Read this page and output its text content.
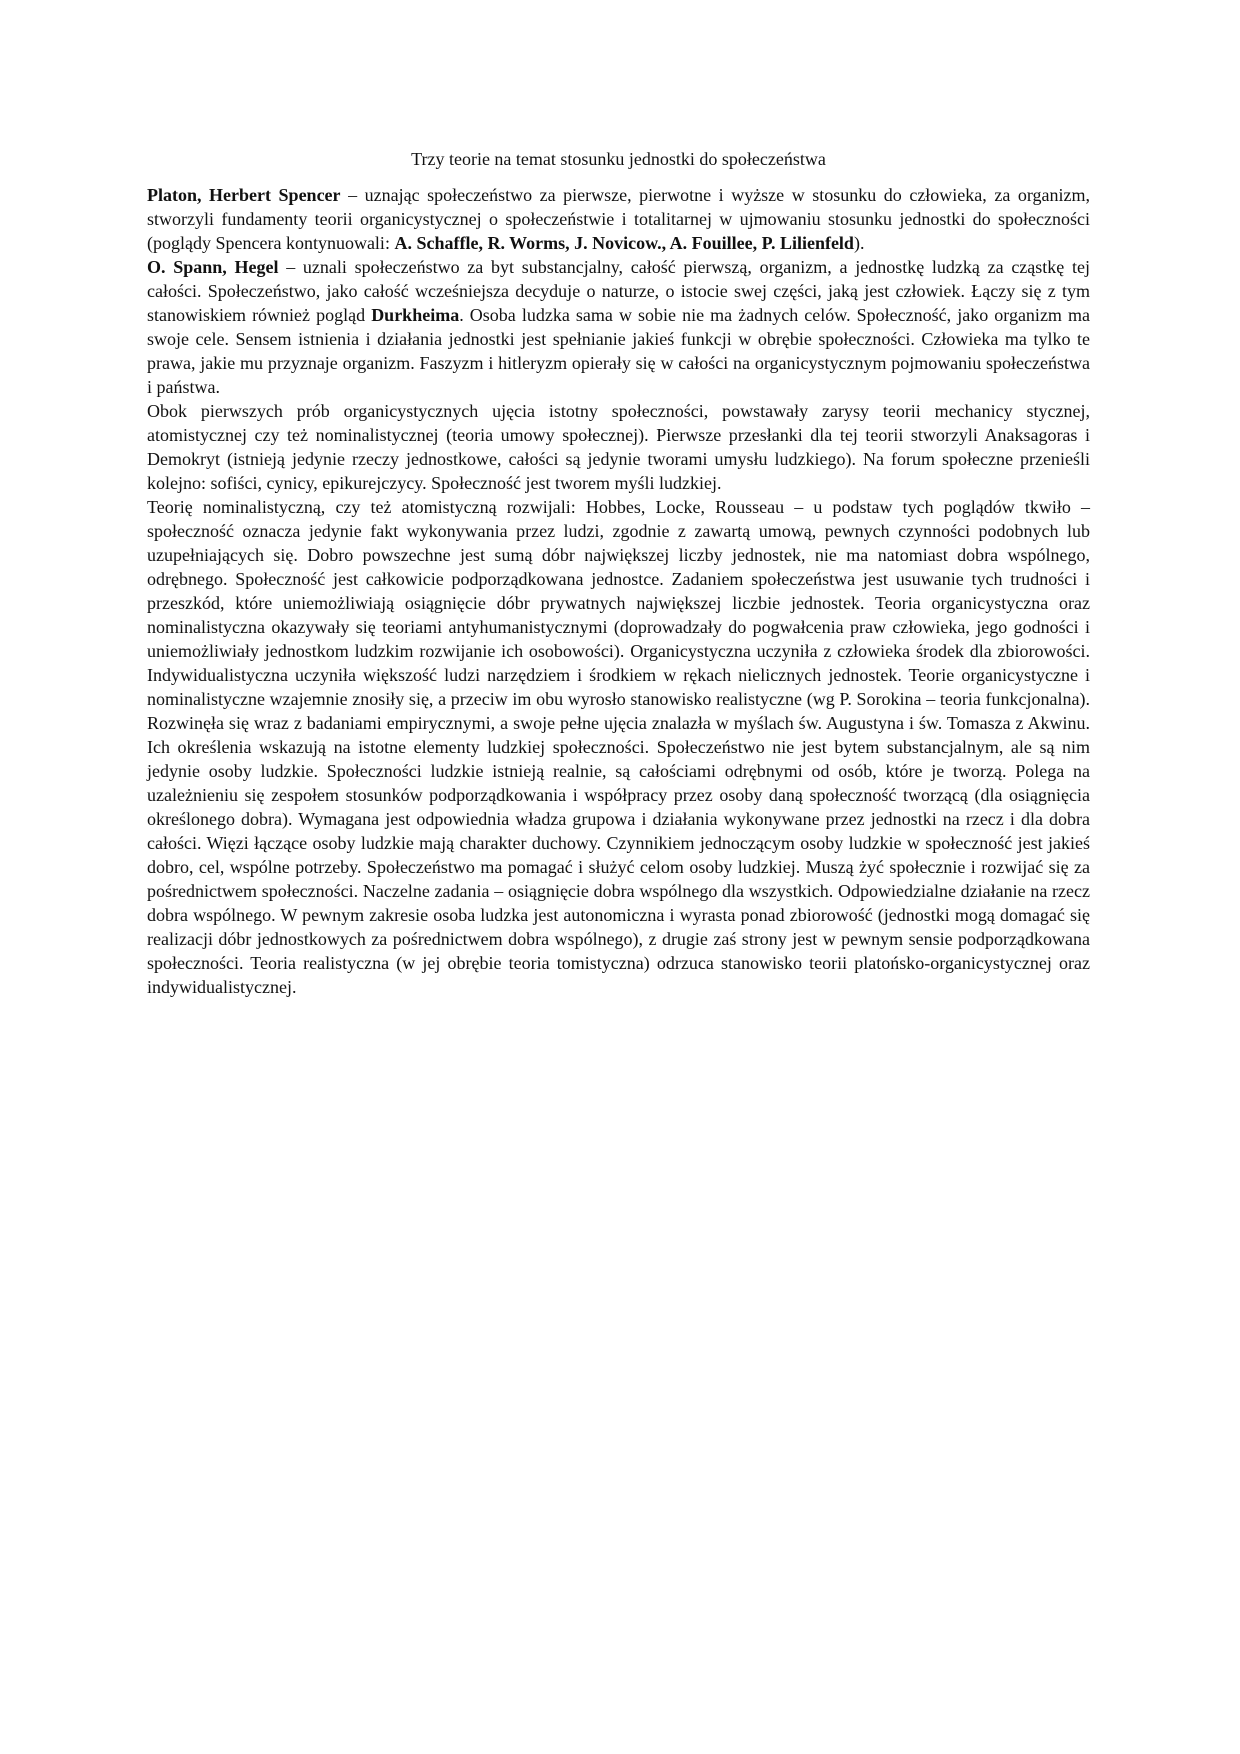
Trzy teorie na temat stosunku jednostki do społeczeństwa

Platon, Herbert Spencer – uznając społeczeństwo za pierwsze, pierwotne i wyższe w stosunku do człowieka, za organizm, stworzyli fundamenty teorii organicystycznej o społeczeństwie i totalitarnej w ujmowaniu stosunku jednostki do społeczności (poglądy Spencera kontynuowali: A. Schaffle, R. Worms, J. Novicow., A. Fouillee, P. Lilienfeld).

O. Spann, Hegel – uznali społeczeństwo za byt substancjalny, całość pierwszą, organizm, a jednostkę ludzką za cząstkę tej całości. Społeczeństwo, jako całość wcześniejsza decyduje o naturze, o istocie swej części, jaką jest człowiek. Łączy się z tym stanowiskiem również pogląd Durkheima. Osoba ludzka sama w sobie nie ma żadnych celów. Społeczność, jako organizm ma swoje cele. Sensem istnienia i działania jednostki jest spełnianie jakieś funkcji w obrębie społeczności. Człowieka ma tylko te prawa, jakie mu przyznaje organizm. Faszyzm i hitleryzm opierały się w całości na organicystycznym pojmowaniu społeczeństwa i państwa.

Obok pierwszych prób organicystycznych ujęcia istotny społeczności, powstawały zarysy teorii mechanicy stycznej, atomistycznej czy też nominalistycznej (teoria umowy społecznej). Pierwsze przesłanki dla tej teorii stworzyli Anaksagoras i Demokryt (istnieją jedynie rzeczy jednostkowe, całości są jedynie tworami umysłu ludzkiego). Na forum społeczne przenieśli kolejno: sofiści, cynicy, epikurejczycy. Społeczność jest tworem myśli ludzkiej.

Teorię nominalistyczną, czy też atomistyczną rozwijali: Hobbes, Locke, Rousseau – u podstaw tych poglądów tkwiło – społeczność oznacza jedynie fakt wykonywania przez ludzi, zgodnie z zawartą umową, pewnych czynności podobnych lub uzupełniających się. Dobro powszechne jest sumą dóbr największej liczby jednostek, nie ma natomiast dobra wspólnego, odrębnego. Społeczność jest całkowicie podporządkowana jednostce. Zadaniem społeczeństwa jest usuwanie tych trudności i przeszkód, które uniemożliwiają osiągnięcie dóbr prywatnych największej liczbie jednostek. Teoria organicystyczna oraz nominalistyczna okazywały się teoriami antyhumanistycznymi (doprowadzały do pogwałcenia praw człowieka, jego godności i uniemożliwiały jednostkom ludzkim rozwijanie ich osobowości). Organicystyczna uczyniła z człowieka środek dla zbiorowości. Indywidualistyczna uczyniła większość ludzi narzędziem i środkiem w rękach nielicznych jednostek. Teorie organicystyczne i nominalistyczne wzajemnie znosiły się, a przeciw im obu wyrosło stanowisko realistyczne (wg P. Sorokina – teoria funkcjonalna). Rozwinęła się wraz z badaniami empirycznymi, a swoje pełne ujęcia znalazła w myślach św. Augustyna i św. Tomasza z Akwinu. Ich określenia wskazują na istotne elementy ludzkiej społeczności. Społeczeństwo nie jest bytem substancjalnym, ale są nim jedynie osoby ludzkie. Społeczności ludzkie istnieją realnie, są całościami odrębnymi od osób, które je tworzą. Polega na uzależnieniu się zespołem stosunków podporządkowania i współpracy przez osoby daną społeczność tworzącą (dla osiągnięcia określonego dobra). Wymagana jest odpowiednia władza grupowa i działania wykonywane przez jednostki na rzecz i dla dobra całości. Więzi łączące osoby ludzkie mają charakter duchowy. Czynnikiem jednoczącym osoby ludzkie w społeczność jest jakieś dobro, cel, wspólne potrzeby. Społeczeństwo ma pomagać i służyć celom osoby ludzkiej. Muszą żyć społecznie i rozwijać się za pośrednictwem społeczności. Naczelne zadania – osiągnięcie dobra wspólnego dla wszystkich. Odpowiedzialne działanie na rzecz dobra wspólnego. W pewnym zakresie osoba ludzka jest autonomiczna i wyrasta ponad zbiorowość (jednostki mogą domagać się realizacji dóbr jednostkowych za pośrednictwem dobra wspólnego), z drugie zaś strony jest w pewnym sensie podporządkowana społeczności. Teoria realistyczna (w jej obrębie teoria tomistyczna) odrzuca stanowisko teorii platońsko-organicystycznej oraz indywidualistycznej.
